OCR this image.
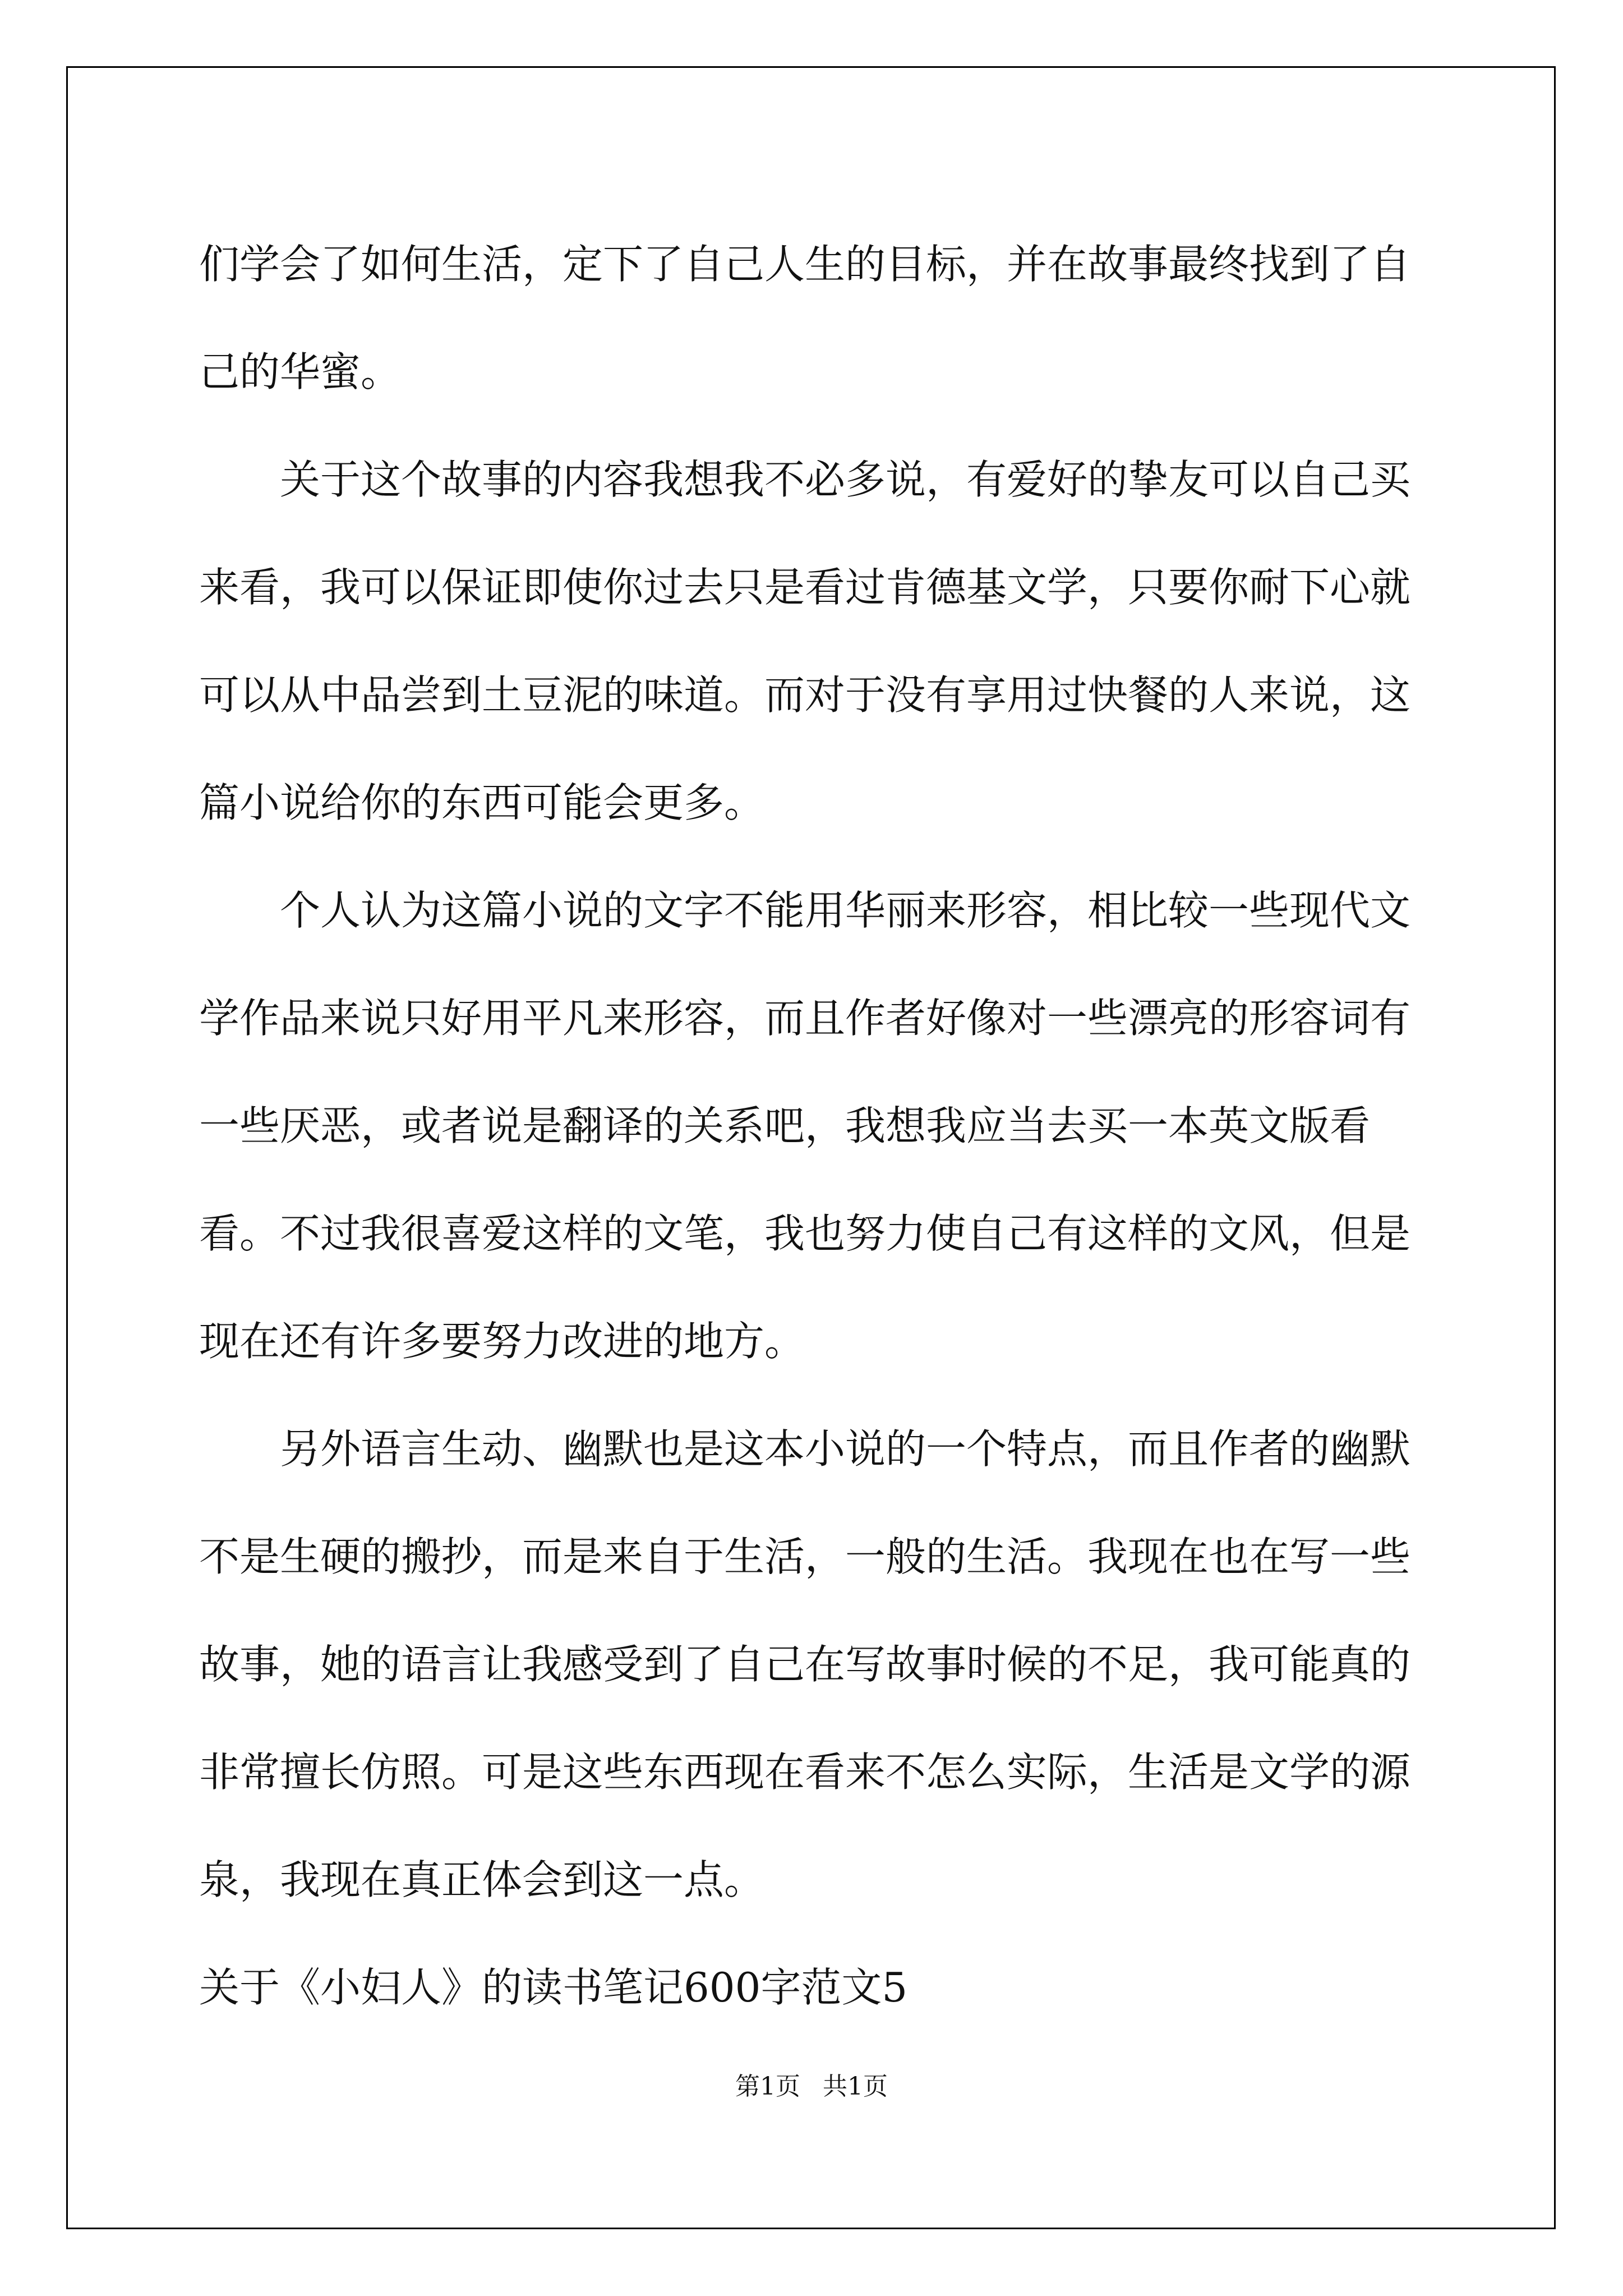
们学会了如何生活，定下了自己人生的目标，并在故事最终找到了自己的华蜜。

关于这个故事的内容我想我不必多说，有爱好的挚友可以自己买来看，我可以保证即使你过去只是看过肯德基文学，只要你耐下心就可以从中品尝到土豆泥的味道。而对于没有享用过快餐的人来说，这篇小说给你的东西可能会更多。

个人认为这篇小说的文字不能用华丽来形容，相比较一些现代文学作品来说只好用平凡来形容，而且作者好像对一些漂亮的形容词有一些厌恶，或者说是翻译的关系吧，我想我应当去买一本英文版看看。不过我很喜爱这样的文笔，我也努力使自己有这样的文风，但是现在还有许多要努力改进的地方。

另外语言生动、幽默也是这本小说的一个特点，而且作者的幽默不是生硬的搬抄，而是来自于生活，一般的生活。我现在也在写一些故事，她的语言让我感受到了自己在写故事时候的不足，我可能真的非常擅长仿照。可是这些东西现在看来不怎么实际，生活是文学的源泉，我现在真正体会到这一点。

关于《小妇人》的读书笔记600字范文5

第1页 共1页
